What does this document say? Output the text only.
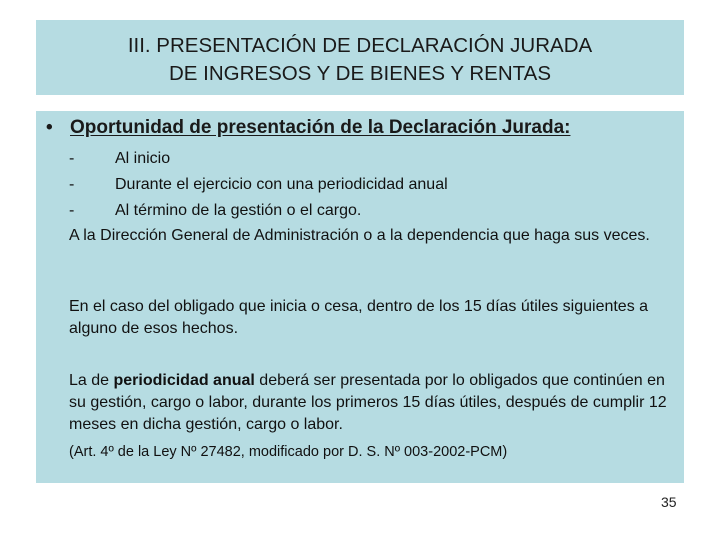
III. PRESENTACIÓN DE DECLARACIÓN JURADA
DE INGRESOS Y DE BIENES Y RENTAS
• Oportunidad de presentación de la Declaración Jurada:
-	Al inicio
-	Durante el ejercicio con una periodicidad anual
-	Al término de la gestión o el cargo.
A la Dirección General de Administración o a la dependencia que haga sus veces.
En el caso del obligado que inicia o cesa, dentro de los 15 días útiles siguientes a alguno de esos hechos.
La de periodicidad anual deberá ser presentada por lo obligados que continúen en su gestión, cargo o labor, durante los primeros 15 días útiles, después de cumplir 12 meses en dicha gestión, cargo o labor.
(Art. 4º de la Ley Nº 27482, modificado por D. S. Nº 003-2002-PCM)
35
